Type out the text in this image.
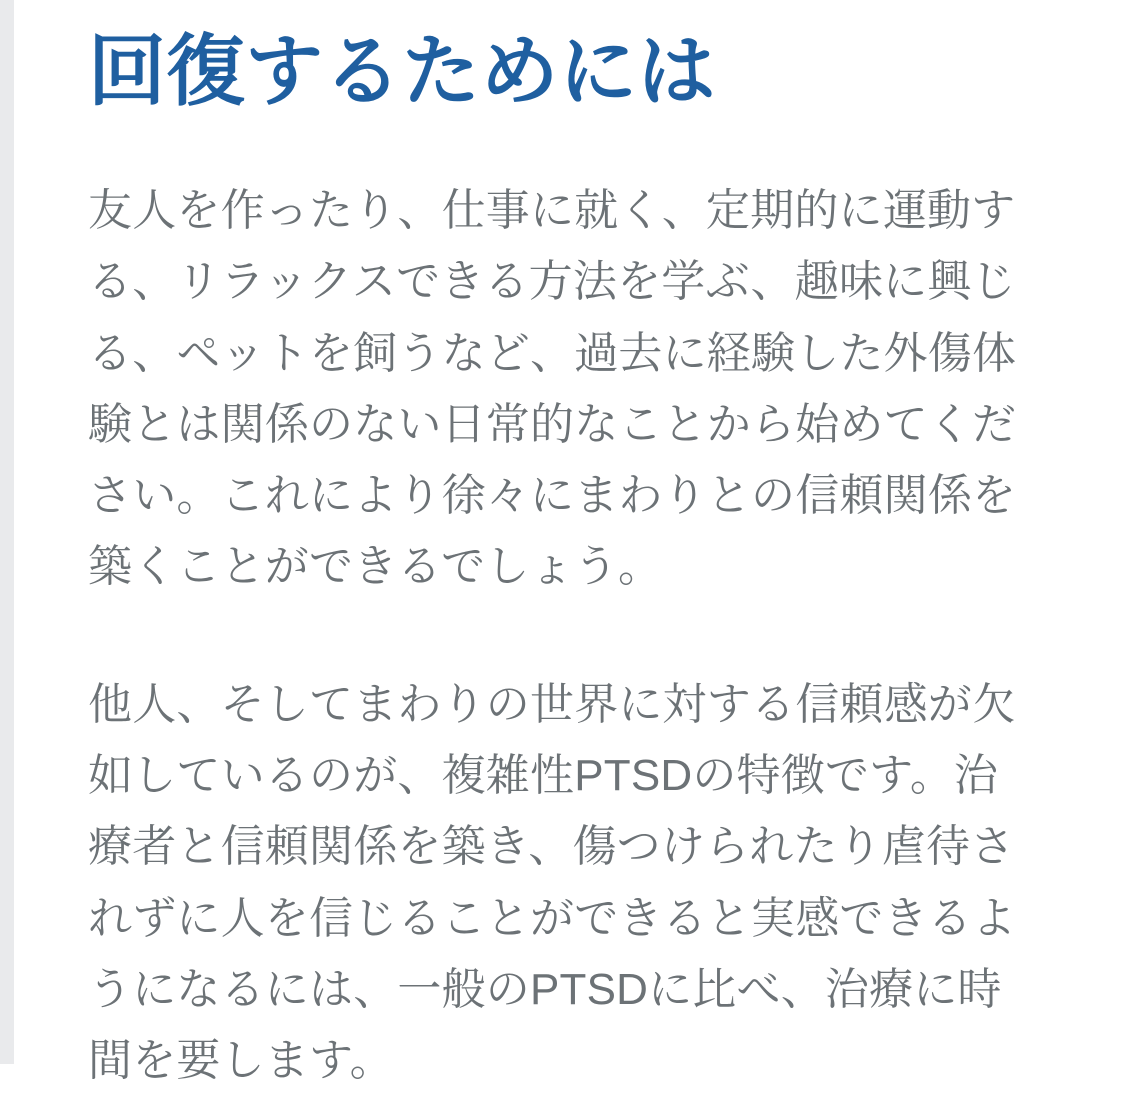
回復するためには

友人を作ったり、仕事に就く、定期的に運動する、リラックスできる方法を学ぶ、趣味に興じる、ペットを飼うなど、過去に経験した外傷体験とは関係のない日常的なことから始めてください。これにより徐々にまわりとの信頼関係を築くことができるでしょう。

他人、そしてまわりの世界に対する信頼感が欠如しているのが、複雑性PTSDの特徴です。治療者と信頼関係を築き、傷つけられたり虐待されずに人を信じることができると実感できるようになるには、一般のPTSDに比べ、治療に時間を要します。
